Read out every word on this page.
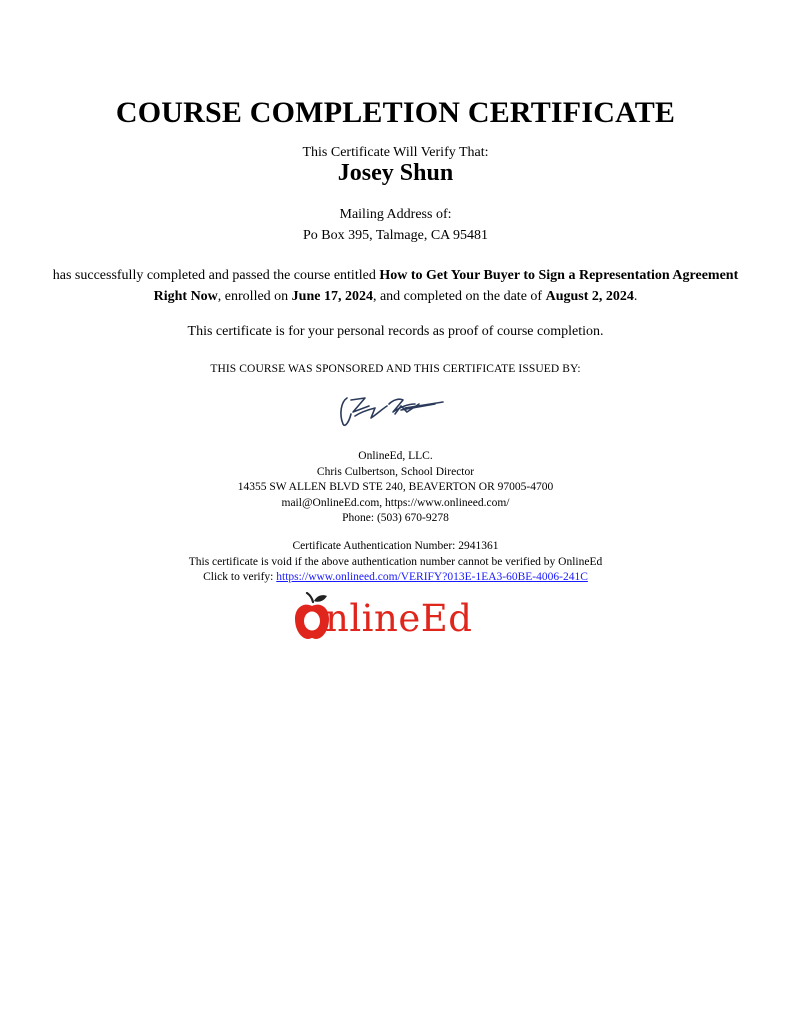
COURSE COMPLETION CERTIFICATE
This Certificate Will Verify That:
Josey Shun
Mailing Address of:
Po Box 395, Talmage, CA 95481
has successfully completed and passed the course entitled How to Get Your Buyer to Sign a Representation Agreement Right Now, enrolled on June 17, 2024, and completed on the date of August 2, 2024.
This certificate is for your personal records as proof of course completion.
THIS COURSE WAS SPONSORED AND THIS CERTIFICATE ISSUED BY:
OnlineEd, LLC.
Chris Culbertson, School Director
14355 SW ALLEN BLVD STE 240, BEAVERTON OR 97005-4700
mail@OnlineEd.com, https://www.onlineed.com/
Phone: (503) 670-9278
Certificate Authentication Number: 2941361
This certificate is void if the above authentication number cannot be verified by OnlineEd
Click to verify: https://www.onlineed.com/VERIFY?013E-1EA3-60BE-4006-241C
nlineEd
